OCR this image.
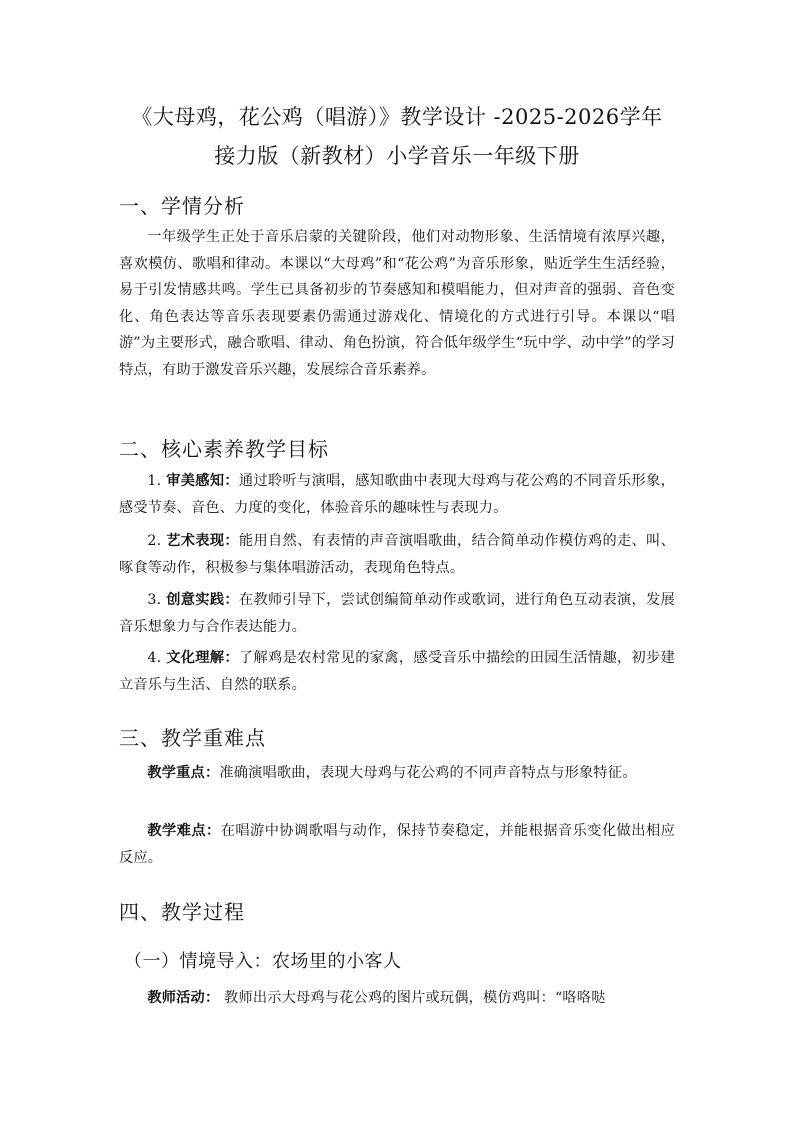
《大母鸡，花公鸡（唱游）》教学设计 -2025-2026学年
接力版（新教材）小学音乐一年级下册
一、学情分析
一年级学生正处于音乐启蒙的关键阶段，他们对动物形象、生活情境有浓厚兴趣，喜欢模仿、歌唱和律动。本课以“大母鸡”和“花公鸡”为音乐形象，贴近学生生活经验，易于引发情感共鸣。学生已具备初步的节奏感知和模唱能力，但对声音的强弱、音色变化、角色表达等音乐表现要素仍需通过游戏化、情境化的方式进行引导。本课以“唱游”为主要形式，融合歌唱、律动、角色扮演，符合低年级学生“玩中学、动中学”的学习特点，有助于激发音乐兴趣，发展综合音乐素养。
二、核心素养教学目标
1. 审美感知：通过聆听与演唱，感知歌曲中表现大母鸡与花公鸡的不同音乐形象，感受节奏、音色、力度的变化，体验音乐的趣味性与表现力。
2. 艺术表现：能用自然、有表情的声音演唱歌曲，结合简单动作模仿鸡的走、叫、啄食等动作，积极参与集体唱游活动，表现角色特点。
3. 创意实践：在教师引导下，尝试创编简单动作或歌词，进行角色互动表演，发展音乐想象力与合作表达能力。
4. 文化理解：了解鸡是农村常见的家禽，感受音乐中描绘的田园生活情趣，初步建立音乐与生活、自然的联系。
三、教学重难点
教学重点：准确演唱歌曲，表现大母鸡与花公鸡的不同声音特点与形象特征。
教学难点：在唱游中协调歌唱与动作，保持节奏稳定，并能根据音乐变化做出相应反应。
四、教学过程
（一）情境导入：农场里的小客人
教师活动： 教师出示大母鸡与花公鸡的图片或玩偶，模仿鸡叫：“咯咯哒
